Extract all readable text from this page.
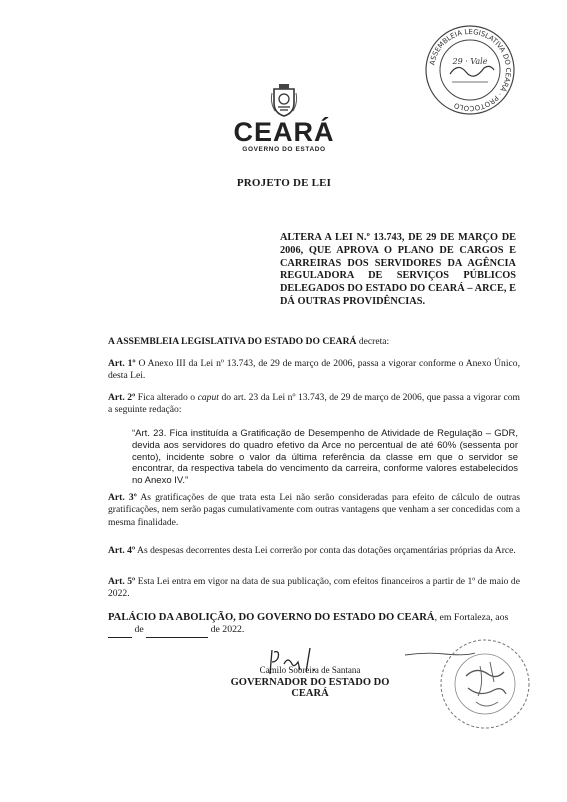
CEARÁ
GOVERNO DO ESTADO
ASSEMBLEIA LEGISLATIVA DO CEARÁ · PROTOCOLO
29 · Vale
PROJETO DE LEI
ALTERA A LEI N.º 13.743, DE 29 DE MARÇO DE 2006, QUE APROVA O PLANO DE CARGOS E CARREIRAS DOS SERVIDORES DA AGÊNCIA REGULADORA DE SERVIÇOS PÚBLICOS DELEGADOS DO ESTADO DO CEARÁ – ARCE, E DÁ OUTRAS PROVIDÊNCIAS.
A ASSEMBLEIA LEGISLATIVA DO ESTADO DO CEARÁ decreta:
Art. 1º O Anexo III da Lei nº 13.743, de 29 de março de 2006, passa a vigorar conforme o Anexo Único, desta Lei.
Art. 2º Fica alterado o caput do art. 23 da Lei nº 13.743, de 29 de março de 2006, que passa a vigorar com a seguinte redação:
“Art. 23. Fica instituída a Gratificação de Desempenho de Atividade de Regulação – GDR, devida aos servidores do quadro efetivo da Arce no percentual de até 60% (sessenta por cento), incidente sobre o valor da última referência da classe em que o servidor se encontrar, da respectiva tabela do vencimento da carreira, conforme valores estabelecidos no Anexo IV.”
Art. 3º As gratificações de que trata esta Lei não serão consideradas para efeito de cálculo de outras gratificações, nem serão pagas cumulativamente com outras vantagens que venham a ser concedidas com a mesma finalidade.
Art. 4º As despesas decorrentes desta Lei correrão por conta das dotações orçamentárias próprias da Arce.
Art. 5º Esta Lei entra em vigor na data de sua publicação, com efeitos financeiros a partir de 1º de maio de 2022.
PALÁCIO DA ABOLIÇÃO, DO GOVERNO DO ESTADO DO CEARÁ, em Fortaleza, aos
de	de 2022.
Camilo Sobreira de Santana
GOVERNADOR DO ESTADO DO CEARÁ
